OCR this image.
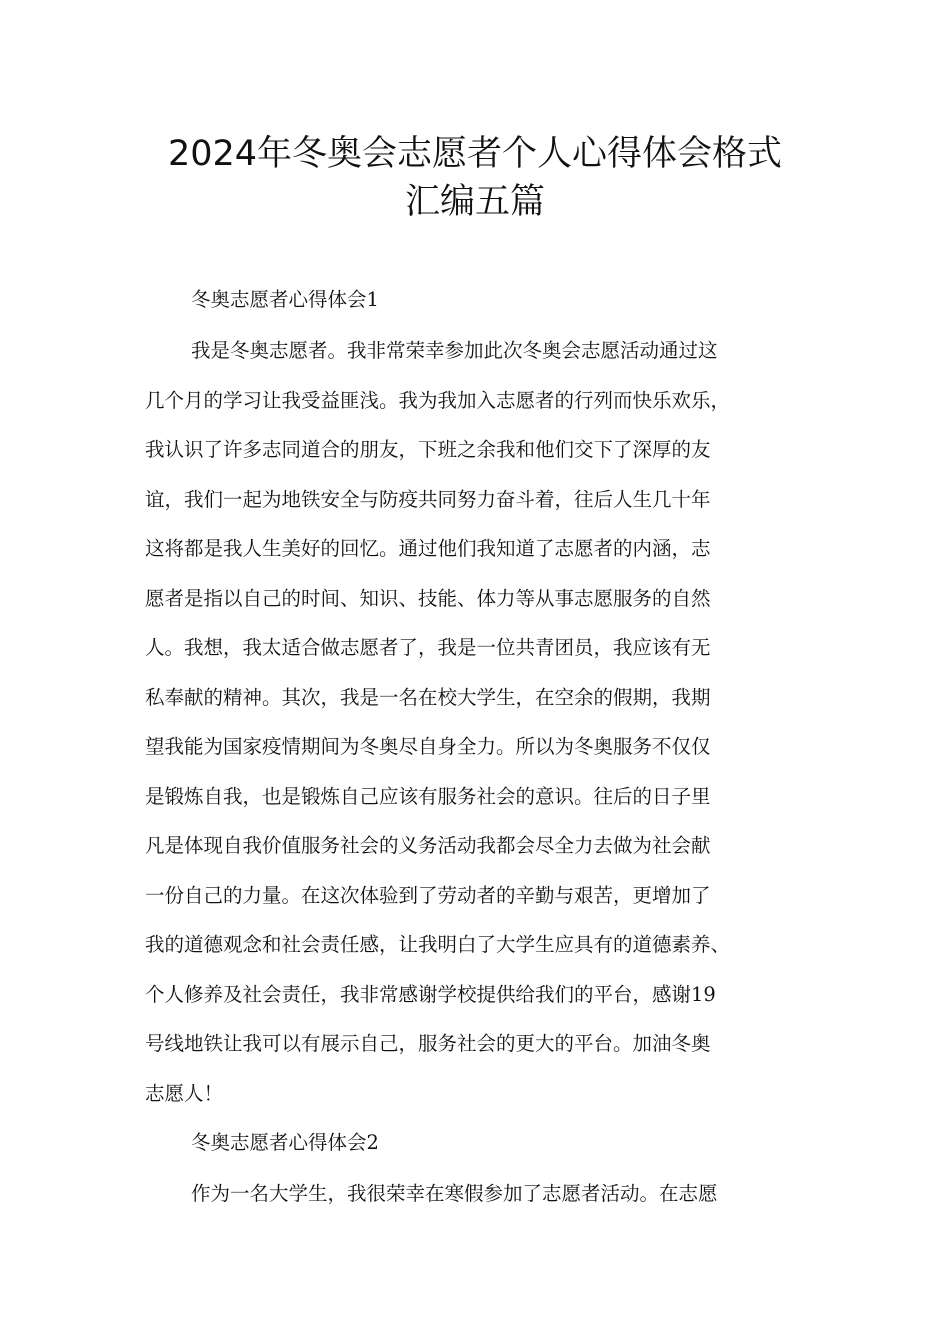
2024年冬奥会志愿者个人心得体会格式
汇编五篇
冬奥志愿者心得体会1
我是冬奥志愿者。我非常荣幸参加此次冬奥会志愿活动通过这
几个月的学习让我受益匪浅。我为我加入志愿者的行列而快乐欢乐，
我认识了许多志同道合的朋友，下班之余我和他们交下了深厚的友
谊，我们一起为地铁安全与防疫共同努力奋斗着，往后人生几十年
这将都是我人生美好的回忆。通过他们我知道了志愿者的内涵，志
愿者是指以自己的时间、知识、技能、体力等从事志愿服务的自然
人。我想，我太适合做志愿者了，我是一位共青团员，我应该有无
私奉献的精神。其次，我是一名在校大学生，在空余的假期，我期
望我能为国家疫情期间为冬奥尽自身全力。所以为冬奥服务不仅仅
是锻炼自我，也是锻炼自己应该有服务社会的意识。往后的日子里
凡是体现自我价值服务社会的义务活动我都会尽全力去做为社会献
一份自己的力量。在这次体验到了劳动者的辛勤与艰苦，更增加了
我的道德观念和社会责任感，让我明白了大学生应具有的道德素养、
个人修养及社会责任，我非常感谢学校提供给我们的平台，感谢19
号线地铁让我可以有展示自己，服务社会的更大的平台。加油冬奥
志愿人！
冬奥志愿者心得体会2
作为一名大学生，我很荣幸在寒假参加了志愿者活动。在志愿
